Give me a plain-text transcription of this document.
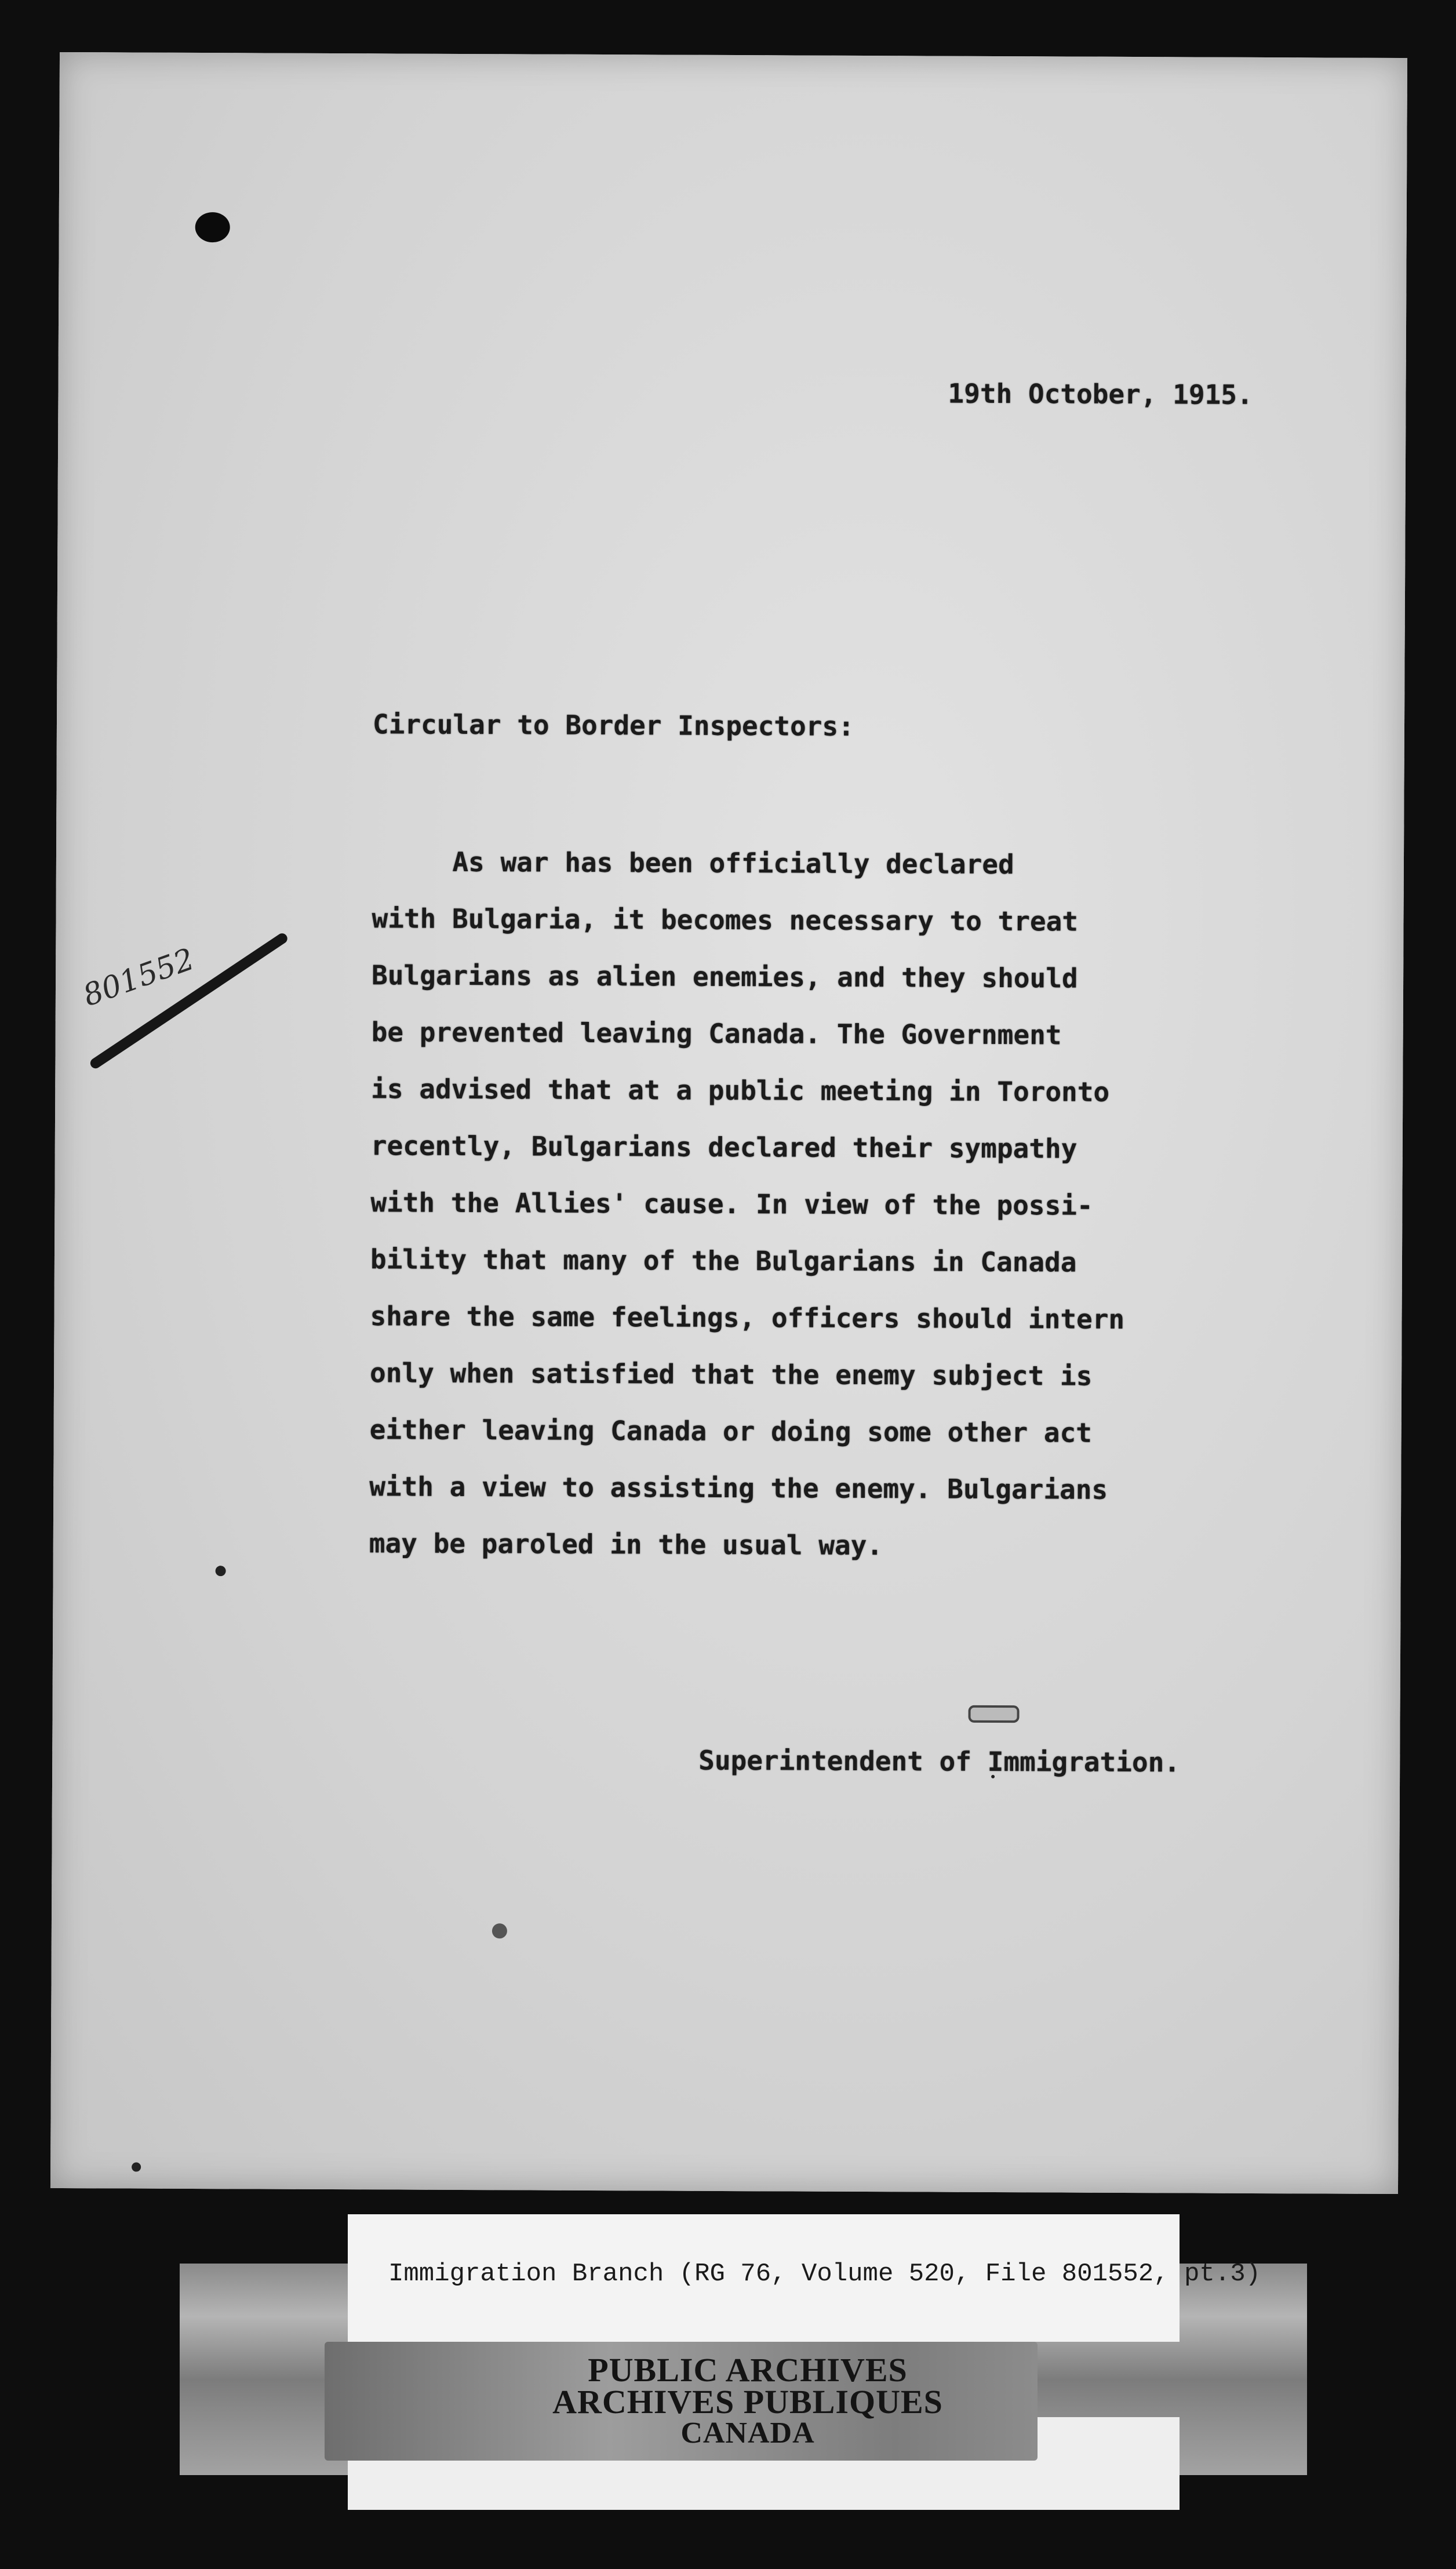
19th October, 1915.
Circular to Border Inspectors:
As war has been officially declared
with Bulgaria, it becomes necessary to treat
Bulgarians as alien enemies, and they should
be prevented leaving Canada. The Government
is advised that at a public meeting in Toronto
recently, Bulgarians declared their sympathy
with the Allies' cause. In view of the possi-
bility that many of the Bulgarians in Canada
share the same feelings, officers should intern
only when satisfied that the enemy subject is
either leaving Canada or doing some other act
with a view to assisting the enemy. Bulgarians
may be paroled in the usual way.
801552
Superintendent of Immigration.
Immigration Branch (RG 76, Volume 520, File 801552, pt.3)
PUBLIC ARCHIVES
ARCHIVES PUBLIQUES
CANADA
